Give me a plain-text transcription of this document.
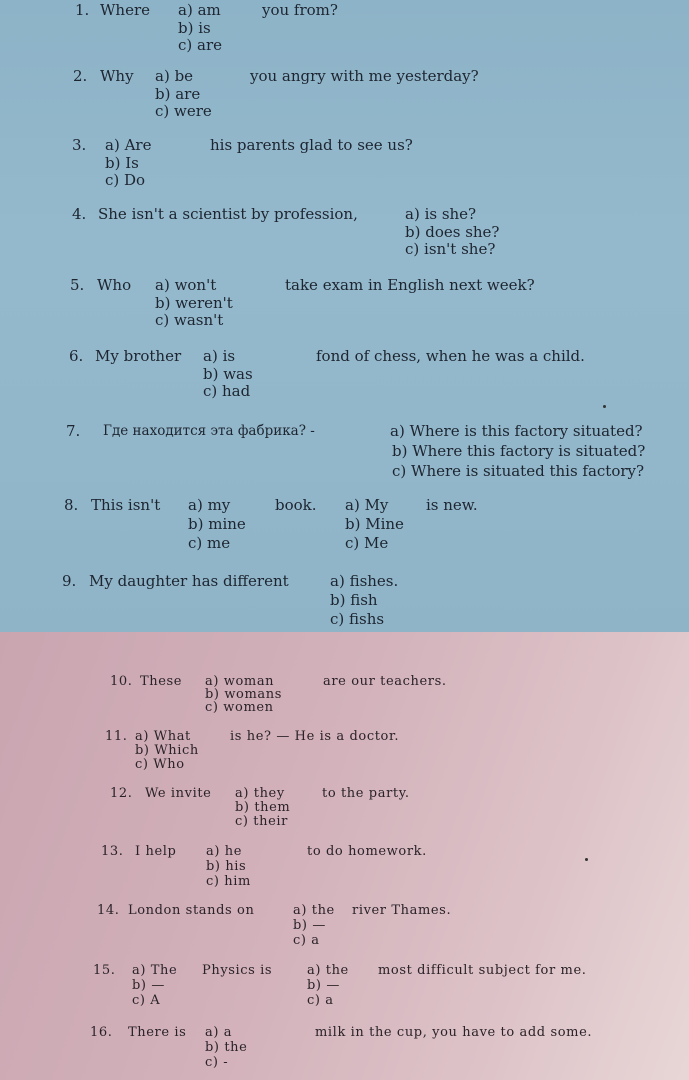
1. Where a) am
b) is
c) are
you from?
2. Why a) be
b) are
c) were
you angry with me yesterday?
3. a) Are
b) Is
c) Do
his parents glad to see us?
4. She isn't a scientist by profession,	a) is she?
b) does she?
c) isn't she?
5. Who a) won't
b) weren't
c) wasn't
take exam in English next week?
6. My brother a) is
b) was
c) had
fond of chess, when he was a child.
7. Где находится эта фабрика? -	a) Where is this factory situated?
b) Where this factory is situated?
c) Where is situated this factory?
8. This isn't a) my
b) mine
c) me
book. a) My
b) Mine
c) Me
is new.
9. My daughter has different	a) fishes.
b) fish
c) fishs
10. These a) woman
b) womans
c) women
are our teachers.
11. a) What
b) Which
c) Who
is he? — He is a doctor.
12. We invite a) they
b) them
c) their
to the party.
13. I help a) he
b) his
c) him
to do homework.
14. London stands on	a) the
b) —
c) a
river Thames.
15. a) The
b) —
c) A
Physics is	a) the
b) —
c) a
most difficult subject for me.
16. There is a) a
b) the
c) -
milk in the cup, you have to add some.
